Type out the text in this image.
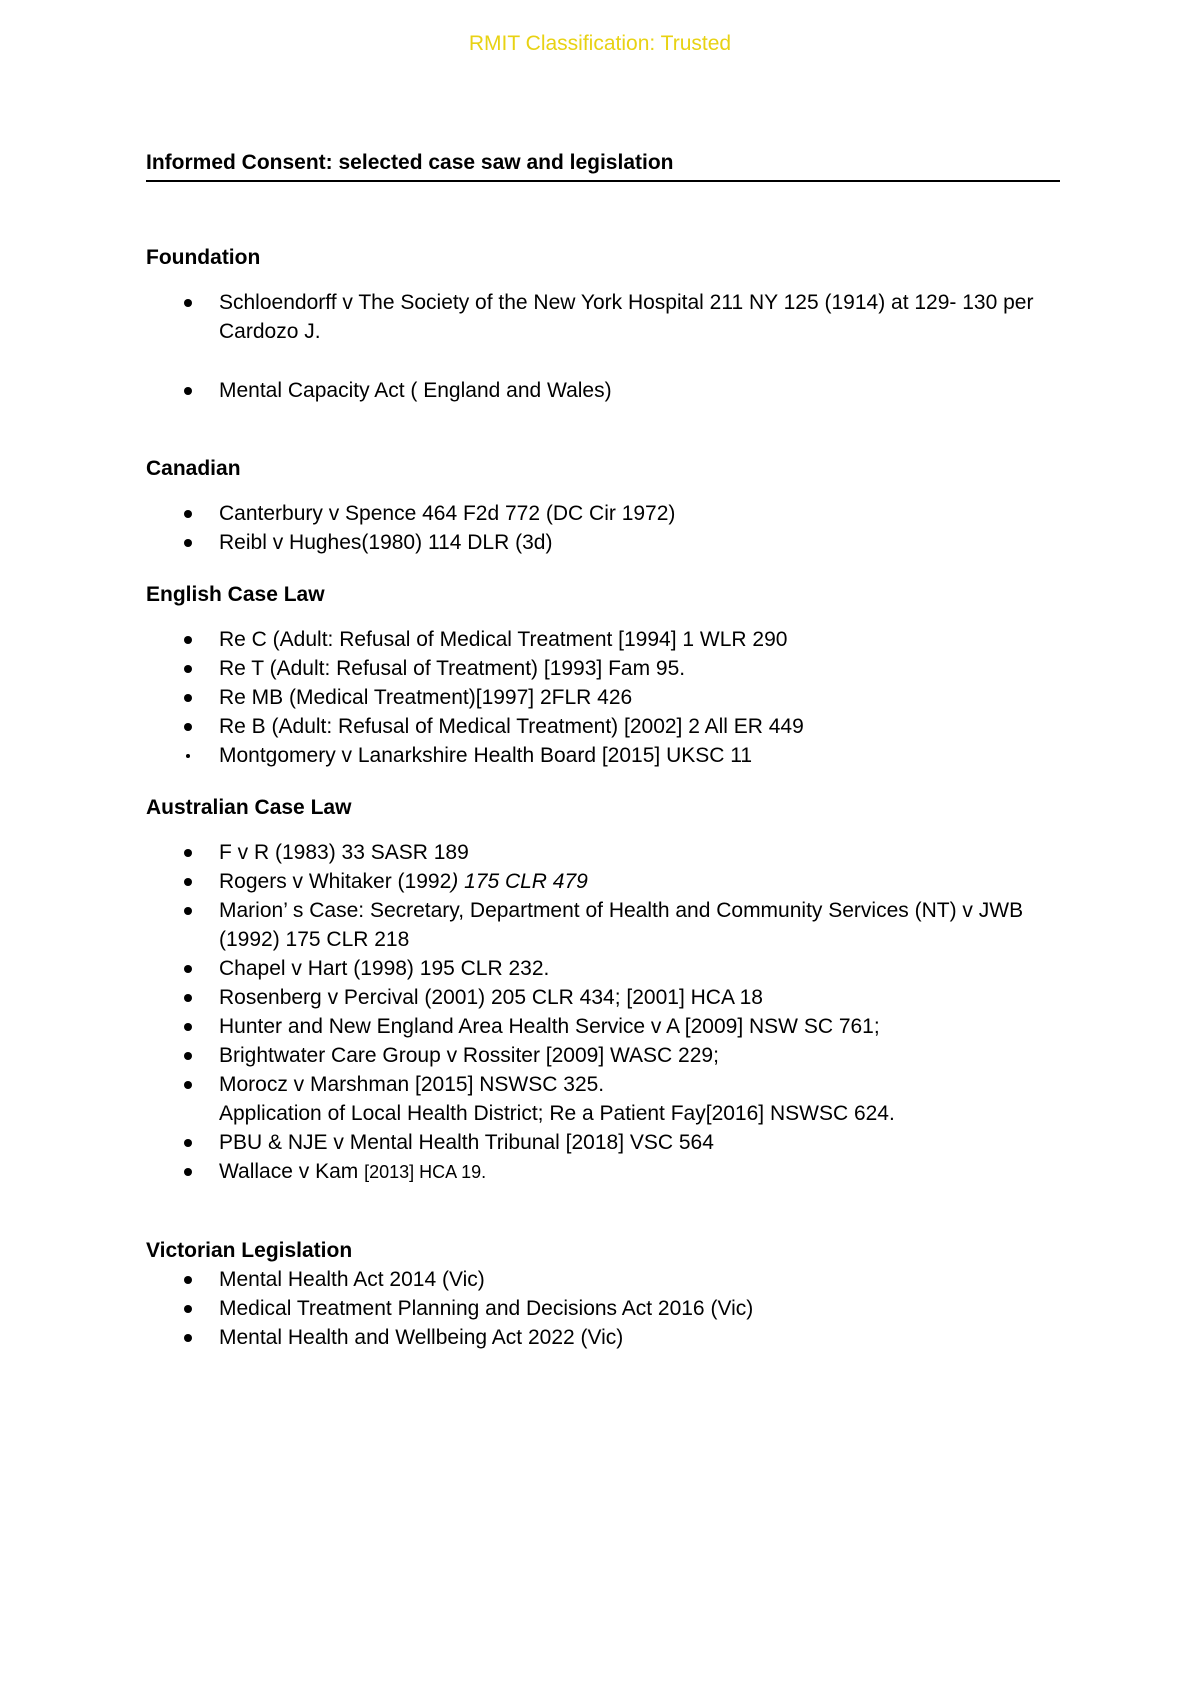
RMIT Classification: Trusted

Informed Consent: selected case saw and legislation

Foundation

Schloendorff v The Society of the New York Hospital 211 NY 125 (1914) at 129- 130 per Cardozo J.
Mental Capacity Act ( England and Wales)

Canadian

Canterbury v Spence 464 F2d 772 (DC Cir 1972)
Reibl v Hughes(1980) 114 DLR (3d)

English Case Law

Re C (Adult: Refusal of Medical Treatment [1994] 1 WLR 290
Re T (Adult: Refusal of Treatment) [1993] Fam 95.
Re MB (Medical Treatment)[1997] 2FLR 426
Re B (Adult: Refusal of Medical Treatment) [2002] 2 All ER 449
Montgomery v Lanarkshire Health Board [2015] UKSC 11

Australian Case Law

F v R (1983) 33 SASR 189
Rogers v Whitaker (1992) 175 CLR 479
Marion’ s Case: Secretary, Department of Health and Community Services (NT) v JWB (1992) 175 CLR 218
Chapel v Hart (1998) 195 CLR 232.
Rosenberg v Percival (2001) 205 CLR 434; [2001] HCA 18
Hunter and New England Area Health Service v A [2009] NSW SC 761;
Brightwater Care Group v Rossiter [2009] WASC 229;
Morocz v Marshman [2015] NSWSC 325.
Application of Local Health District; Re a Patient Fay[2016] NSWSC 624.
PBU & NJE v Mental Health Tribunal [2018] VSC 564
Wallace v Kam [2013] HCA 19.

Victorian Legislation

Mental Health Act 2014 (Vic)
Medical Treatment Planning and Decisions Act 2016 (Vic)
Mental Health and Wellbeing Act 2022 (Vic)
